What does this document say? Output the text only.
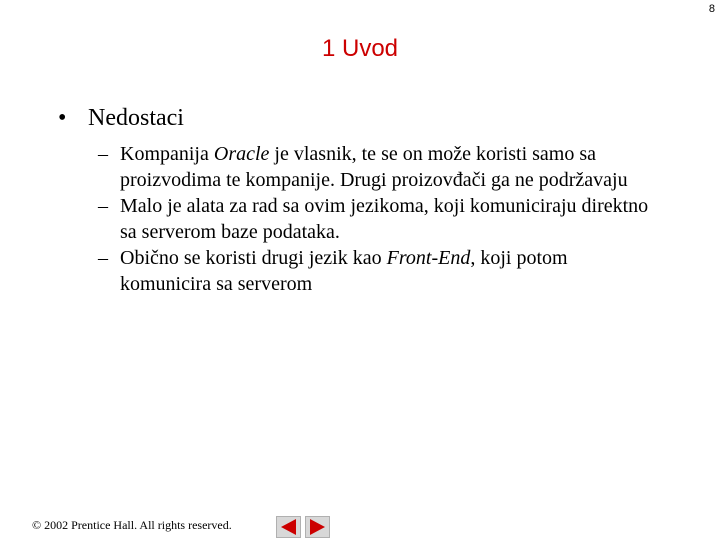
8
1 Uvod
• Nedostaci
– Kompanija Oracle je vlasnik, te se on može koristi samo sa proizvodima te kompanije. Drugi proizovđači ga ne podržavaju
– Malo je alata za rad sa ovim jezikoma, koji komuniciraju direktno sa serverom baze podataka.
– Obično se koristi drugi jezik kao Front-End, koji potom komunicira sa serverom
© 2002 Prentice Hall. All rights reserved.
